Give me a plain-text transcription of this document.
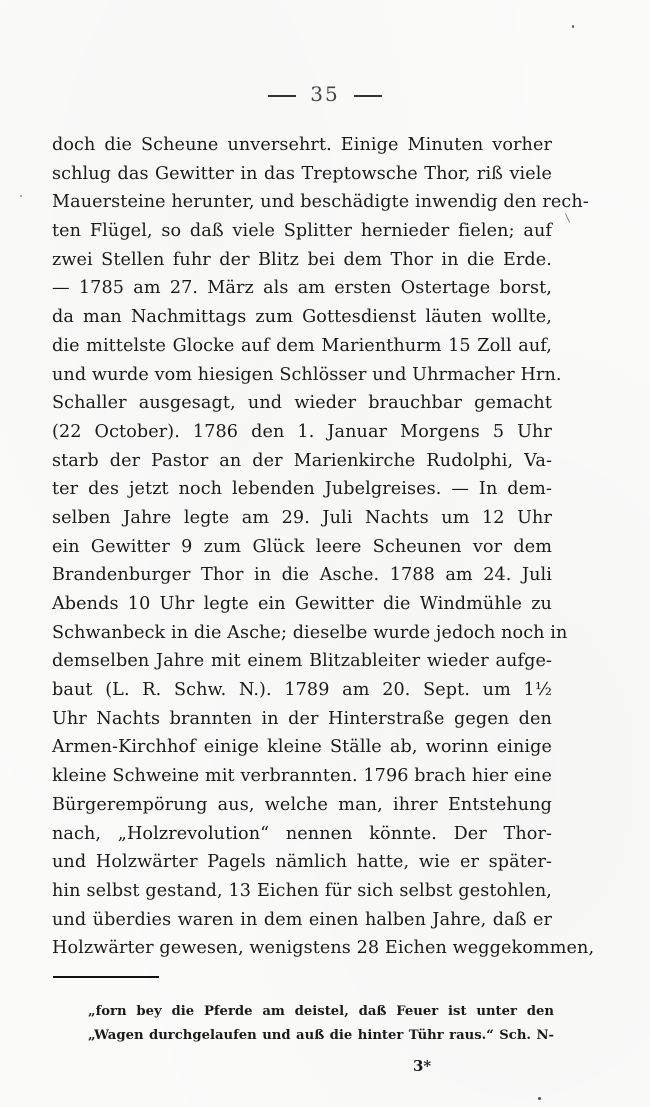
35
doch die Scheune unversehrt. Einige Minuten vorher
schlug das Gewitter in das Treptowsche Thor, riß viele
Mauersteine herunter, und beschädigte inwendig den rech-
ten Flügel, so daß viele Splitter hernieder fielen; auf
zwei Stellen fuhr der Blitz bei dem Thor in die Erde.
— 1785 am 27. März als am ersten Ostertage borst,
da man Nachmittags zum Gottesdienst läuten wollte,
die mittelste Glocke auf dem Marienthurm 15 Zoll auf,
und wurde vom hiesigen Schlösser und Uhrmacher Hrn.
Schaller ausgesagt, und wieder brauchbar gemacht
(22 October). 1786 den 1. Januar Morgens 5 Uhr
starb der Pastor an der Marienkirche Rudolphi, Va-
ter des jetzt noch lebenden Jubelgreises. — In dem-
selben Jahre legte am 29. Juli Nachts um 12 Uhr
ein Gewitter 9 zum Glück leere Scheunen vor dem
Brandenburger Thor in die Asche. 1788 am 24. Juli
Abends 10 Uhr legte ein Gewitter die Windmühle zu
Schwanbeck in die Asche; dieselbe wurde jedoch noch in
demselben Jahre mit einem Blitzableiter wieder aufge-
baut (L. R. Schw. N.). 1789 am 20. Sept. um 1½
Uhr Nachts brannten in der Hinterstraße gegen den
Armen-Kirchhof einige kleine Ställe ab, worinn einige
kleine Schweine mit verbrannten. 1796 brach hier eine
Bürgerempörung aus, welche man, ihrer Entstehung
nach, „Holzrevolution“ nennen könnte. Der Thor-
und Holzwärter Pagels nämlich hatte, wie er später-
hin selbst gestand, 13 Eichen für sich selbst gestohlen,
und überdies waren in dem einen halben Jahre, daß er
Holzwärter gewesen, wenigstens 28 Eichen weggekommen,
„forn bey die Pferde am deistel, daß Feuer ist unter den
„Wagen durchgelaufen und auß die hinter Tühr raus.“ Sch. N-
3*
